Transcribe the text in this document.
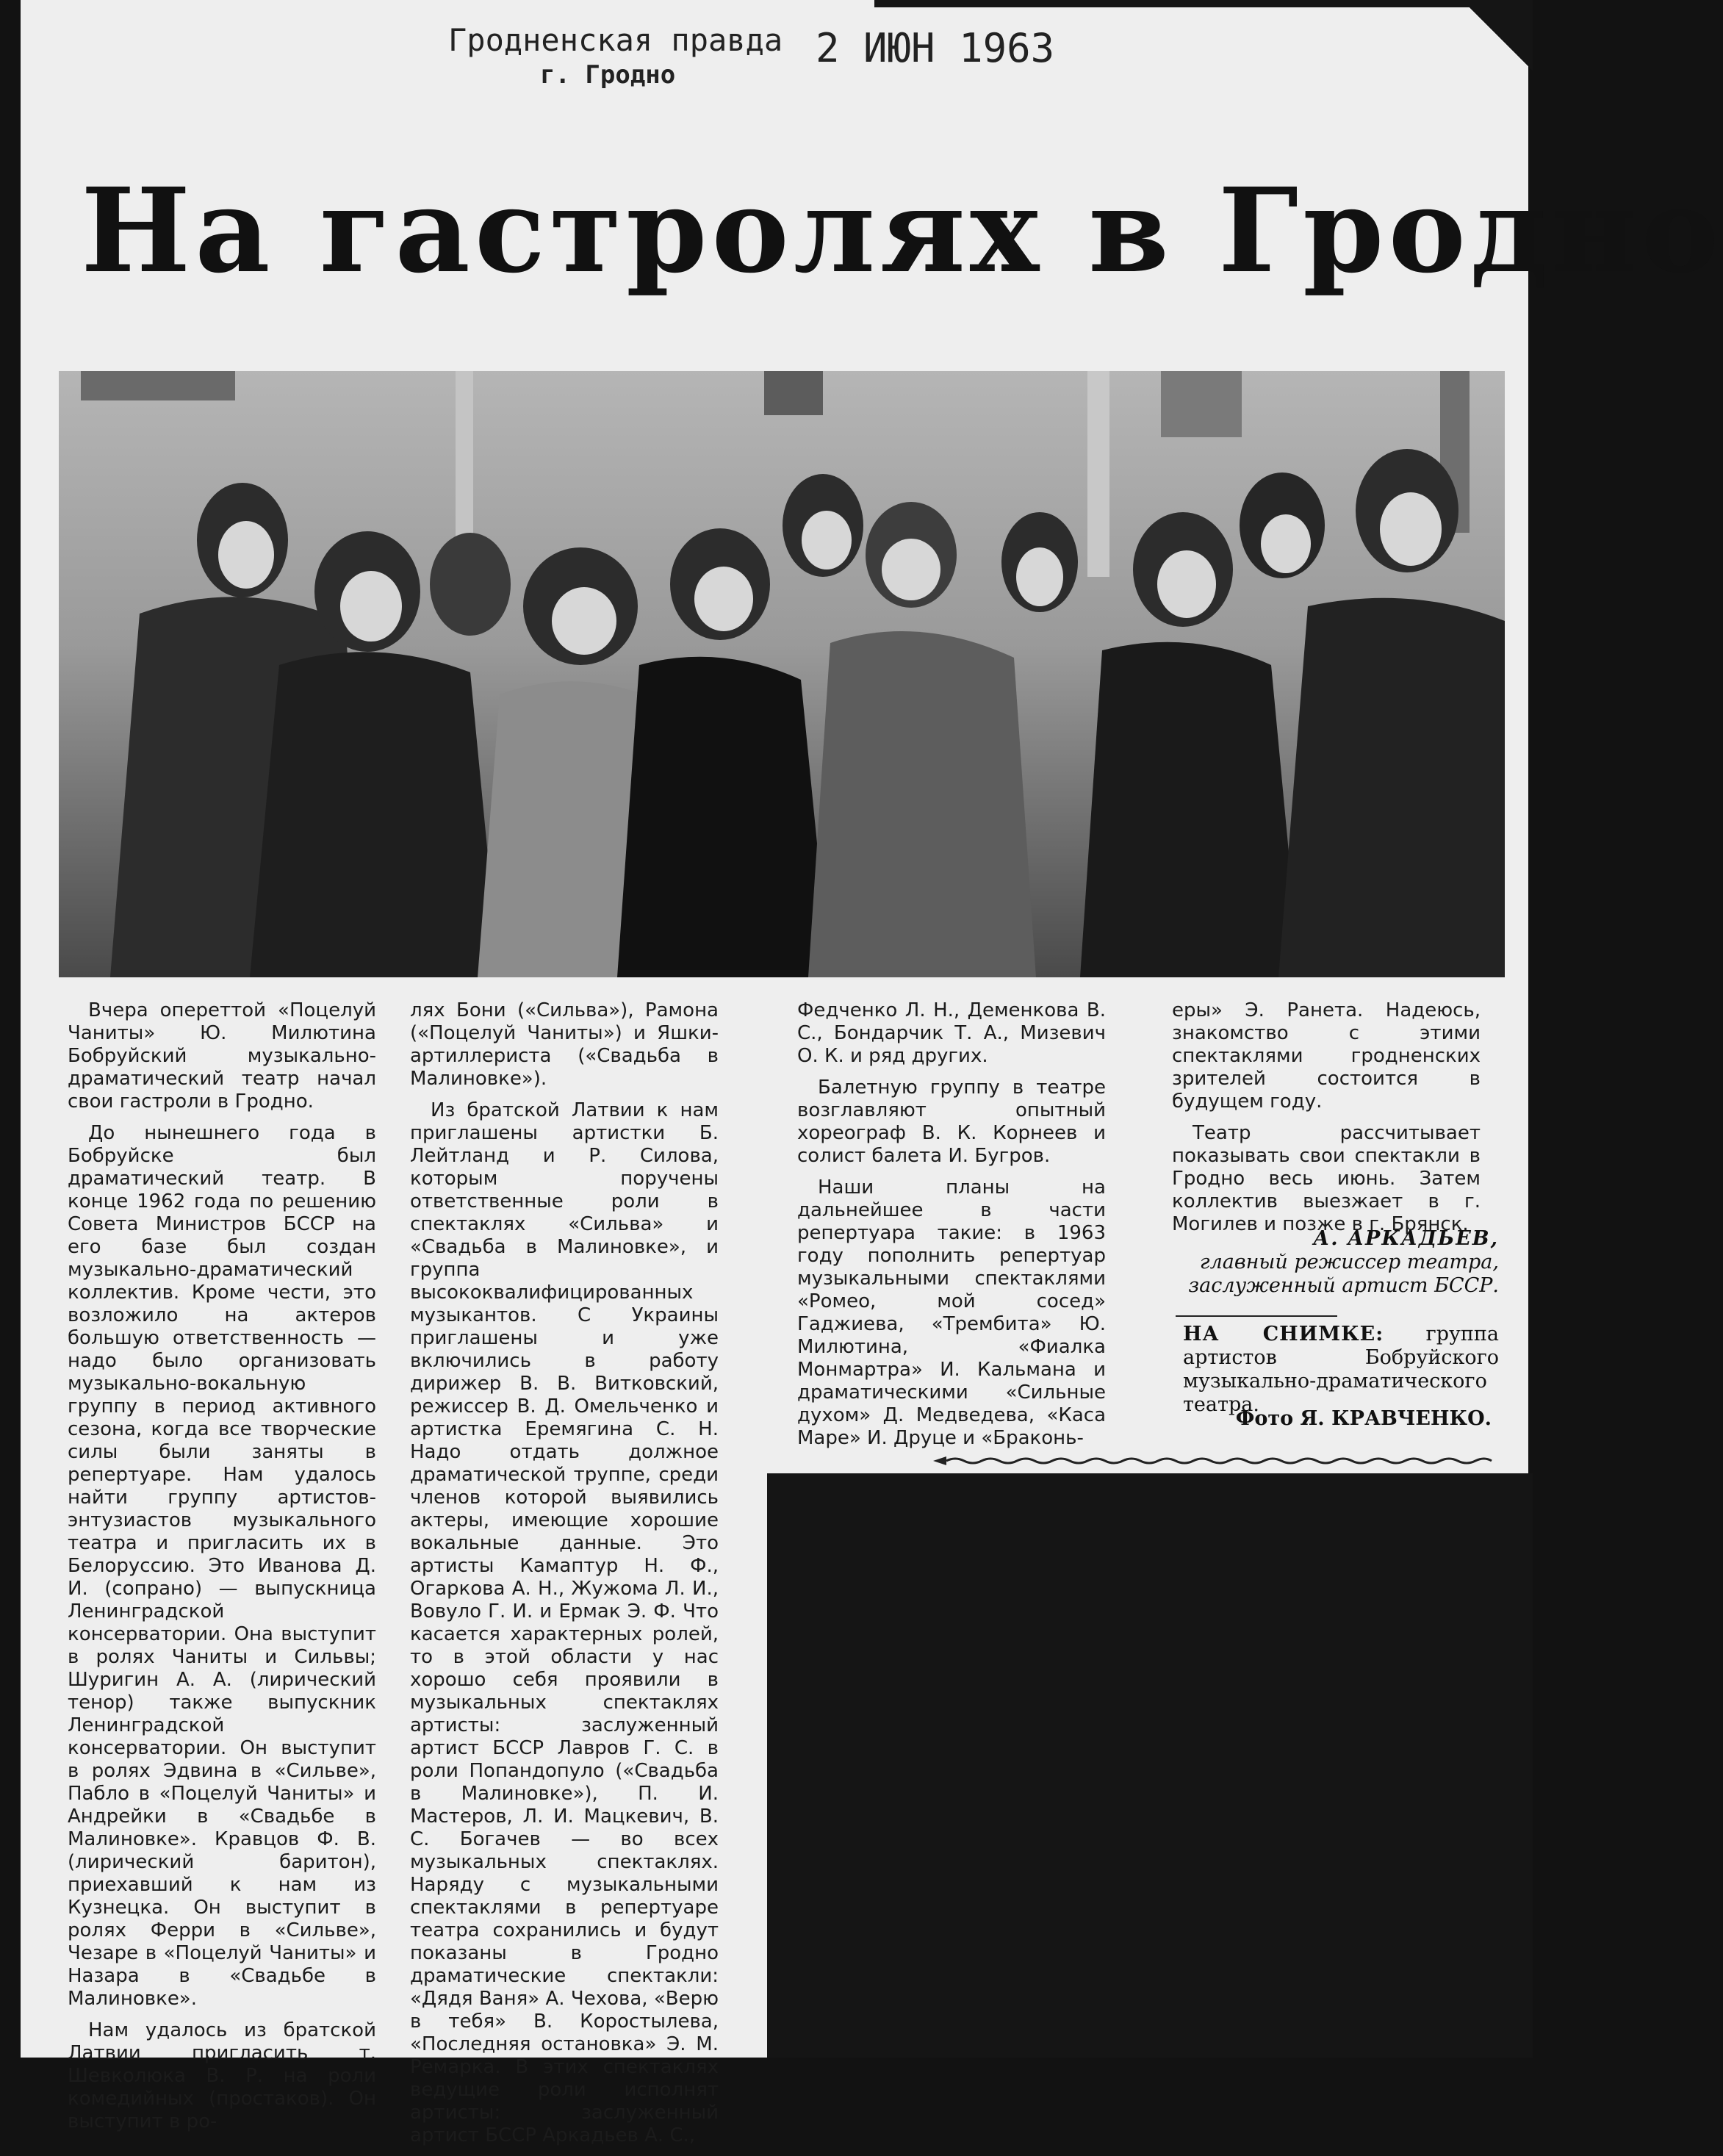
Гродненская правда
г. Гродно
2 ИЮН 1963
На гастролях в Гродно

Вчера опереттой «Поцелуй Чаниты» Ю. Милютина Бобруйский музыкально-драматический театр начал свои гастроли в Гродно.

До нынешнего года в Бобруйске был драматический театр. В конце 1962 года по решению Совета Министров БССР на его базе был создан музыкально-драматический коллектив. Кроме чести, это возложило на актеров большую ответственность — надо было организовать музыкально-вокальную группу в период активного сезона, когда все творческие силы были заняты в репертуаре. Нам удалось найти группу артистов-энтузиастов музыкального театра и пригласить их в Белоруссию. Это Иванова Д. И. (сопрано) — выпускница Ленинградской консерватории. Она выступит в ролях Чаниты и Сильвы; Шуригин А. А. (лирический тенор) также выпускник Ленинградской консерватории. Он выступит в ролях Эдвина в «Сильве», Пабло в «Поцелуй Чаниты» и Андрейки в «Свадьбе в Малиновке». Кравцов Ф. В. (лирический баритон), приехавший к нам из Кузнецка. Он выступит в ролях Ферри в «Сильве», Чезаре в «Поцелуй Чаниты» и Назара в «Свадьбе в Малиновке».

Нам удалось из братской Латвии пригласить т. Шевколюка В. Р. на роли комедийных (простаков). Он выступит в ро-

лях Бони («Сильва»), Рамона («Поцелуй Чаниты») и Яшки-артиллериста («Свадьба в Малиновке»).

Из братской Латвии к нам приглашены артистки Б. Лейтланд и Р. Силова, которым поручены ответственные роли в спектаклях «Сильва» и «Свадьба в Малиновке», и группа высококвалифицированных музыкантов. С Украины приглашены и уже включились в работу дирижер В. В. Витковский, режиссер В. Д. Омельченко и артистка Еремягина С. Н. Надо отдать должное драматической труппе, среди членов которой выявились актеры, имеющие хорошие вокальные данные. Это артисты Камаптур Н. Ф., Огаркова А. Н., Жужома Л. И., Вовуло Г. И. и Ермак Э. Ф. Что касается характерных ролей, то в этой области у нас хорошо себя проявили в музыкальных спектаклях артисты: заслуженный артист БССР Лавров Г. С. в роли Попандопуло («Свадьба в Малиновке»), П. И. Мастеров, Л. И. Мацкевич, В. С. Богачев — во всех музыкальных спектаклях. Наряду с музыкальными спектаклями в репертуаре театра сохранились и будут показаны в Гродно драматические спектакли: «Дядя Ваня» А. Чехова, «Верю в тебя» В. Коростылева, «Последняя остановка» Э. М. Ремарка. В этих спектаклях ведущие роли исполнят артисты: заслуженный артист БССР Аркадьев А. С.,

Федченко Л. Н., Деменкова В. С., Бондарчик Т. А., Мизевич О. К. и ряд других.

Балетную группу в театре возглавляют опытный хореограф В. К. Корнеев и солист балета И. Бугров.

Наши планы на дальнейшее в части репертуара такие: в 1963 году пополнить репертуар музыкальными спектаклями «Ромео, мой сосед» Гаджиева, «Трембита» Ю. Милютина, «Фиалка Монмартра» И. Кальмана и драматическими «Сильные духом» Д. Медведева, «Каса Маре» И. Друце и «Браконь-

еры» Э. Ранета. Надеюсь, знакомство с этими спектаклями гродненских зрителей состоится в будущем году.

Театр рассчитывает показывать свои спектакли в Гродно весь июнь. Затем коллектив выезжает в г. Могилев и позже в г. Брянск.

А. АРКАДЬЕВ,
главный режиссер театра,
заслуженный артист БССР.
НА СНИМКЕ: группа артистов Бобруйского музыкально-драматического театра.
Фото Я. КРАВЧЕНКО.
